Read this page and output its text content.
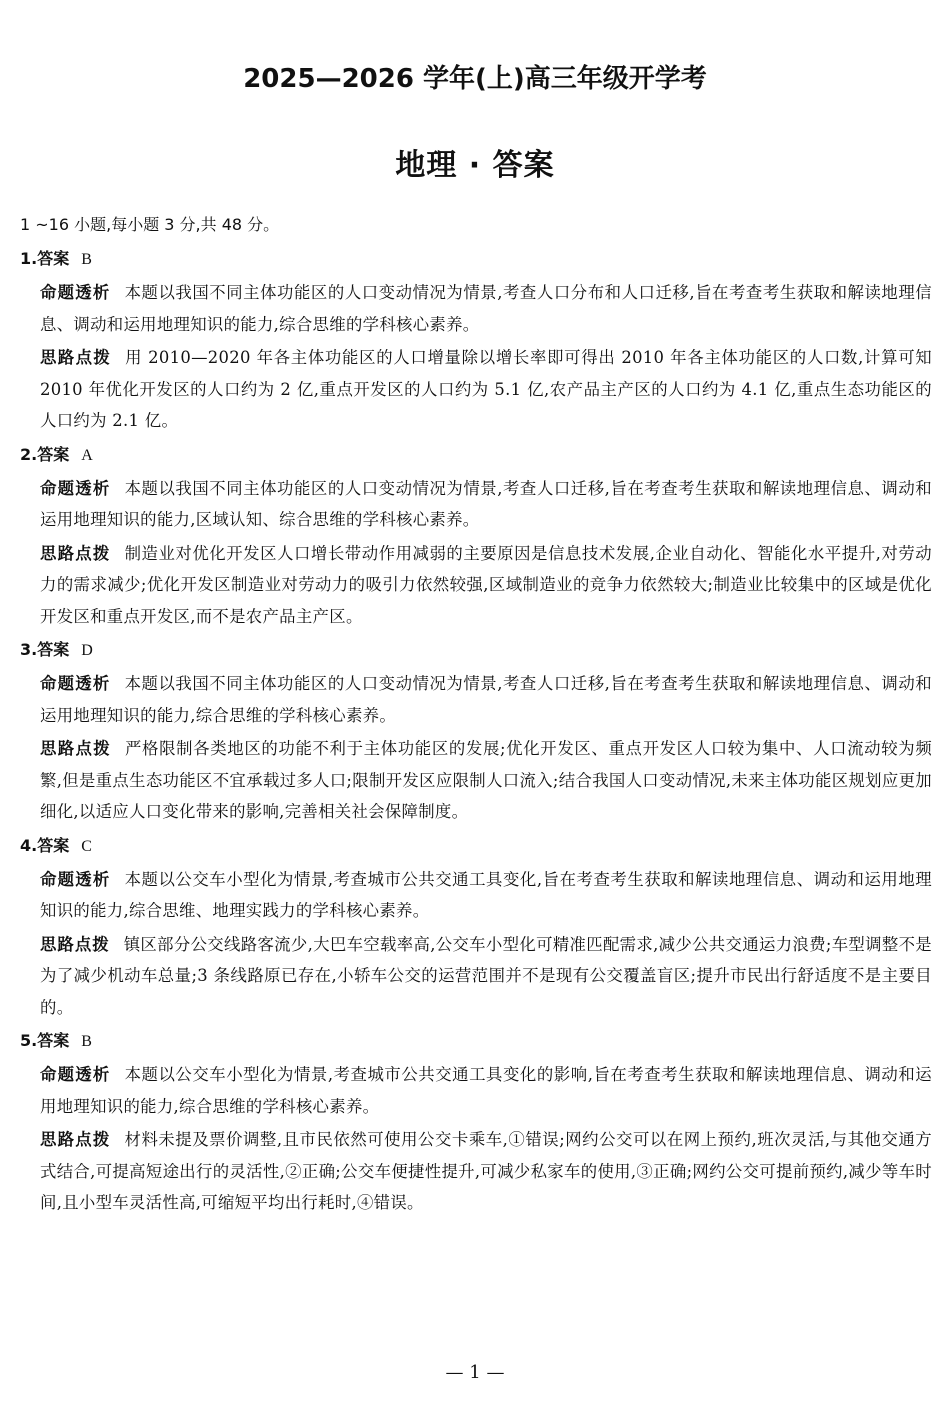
2025—2026 学年(上)高三年级开学考
地理 · 答案
1 ~16 小题,每小题 3 分,共 48 分。
1.答案 B
命题透析 本题以我国不同主体功能区的人口变动情况为情景,考查人口分布和人口迁移,旨在考查考生获取和解读地理信息、调动和运用地理知识的能力,综合思维的学科核心素养。
思路点拨 用 2010—2020 年各主体功能区的人口增量除以增长率即可得出 2010 年各主体功能区的人口数,计算可知 2010 年优化开发区的人口约为 2 亿,重点开发区的人口约为 5.1 亿,农产品主产区的人口约为 4.1 亿,重点生态功能区的人口约为 2.1 亿。
2.答案 A
命题透析 本题以我国不同主体功能区的人口变动情况为情景,考查人口迁移,旨在考查考生获取和解读地理信息、调动和运用地理知识的能力,区域认知、综合思维的学科核心素养。
思路点拨 制造业对优化开发区人口增长带动作用减弱的主要原因是信息技术发展,企业自动化、智能化水平提升,对劳动力的需求减少;优化开发区制造业对劳动力的吸引力依然较强,区域制造业的竞争力依然较大;制造业比较集中的区域是优化开发区和重点开发区,而不是农产品主产区。
3.答案 D
命题透析 本题以我国不同主体功能区的人口变动情况为情景,考查人口迁移,旨在考查考生获取和解读地理信息、调动和运用地理知识的能力,综合思维的学科核心素养。
思路点拨 严格限制各类地区的功能不利于主体功能区的发展;优化开发区、重点开发区人口较为集中、人口流动较为频繁,但是重点生态功能区不宜承载过多人口;限制开发区应限制人口流入;结合我国人口变动情况,未来主体功能区规划应更加细化,以适应人口变化带来的影响,完善相关社会保障制度。
4.答案 C
命题透析 本题以公交车小型化为情景,考查城市公共交通工具变化,旨在考查考生获取和解读地理信息、调动和运用地理知识的能力,综合思维、地理实践力的学科核心素养。
思路点拨 镇区部分公交线路客流少,大巴车空载率高,公交车小型化可精准匹配需求,减少公共交通运力浪费;车型调整不是为了减少机动车总量;3 条线路原已存在,小轿车公交的运营范围并不是现有公交覆盖盲区;提升市民出行舒适度不是主要目的。
5.答案 B
命题透析 本题以公交车小型化为情景,考查城市公共交通工具变化的影响,旨在考查考生获取和解读地理信息、调动和运用地理知识的能力,综合思维的学科核心素养。
思路点拨 材料未提及票价调整,且市民依然可使用公交卡乘车,①错误;网约公交可以在网上预约,班次灵活,与其他交通方式结合,可提高短途出行的灵活性,②正确;公交车便捷性提升,可减少私家车的使用,③正确;网约公交可提前预约,减少等车时间,且小型车灵活性高,可缩短平均出行耗时,④错误。
— 1 —
